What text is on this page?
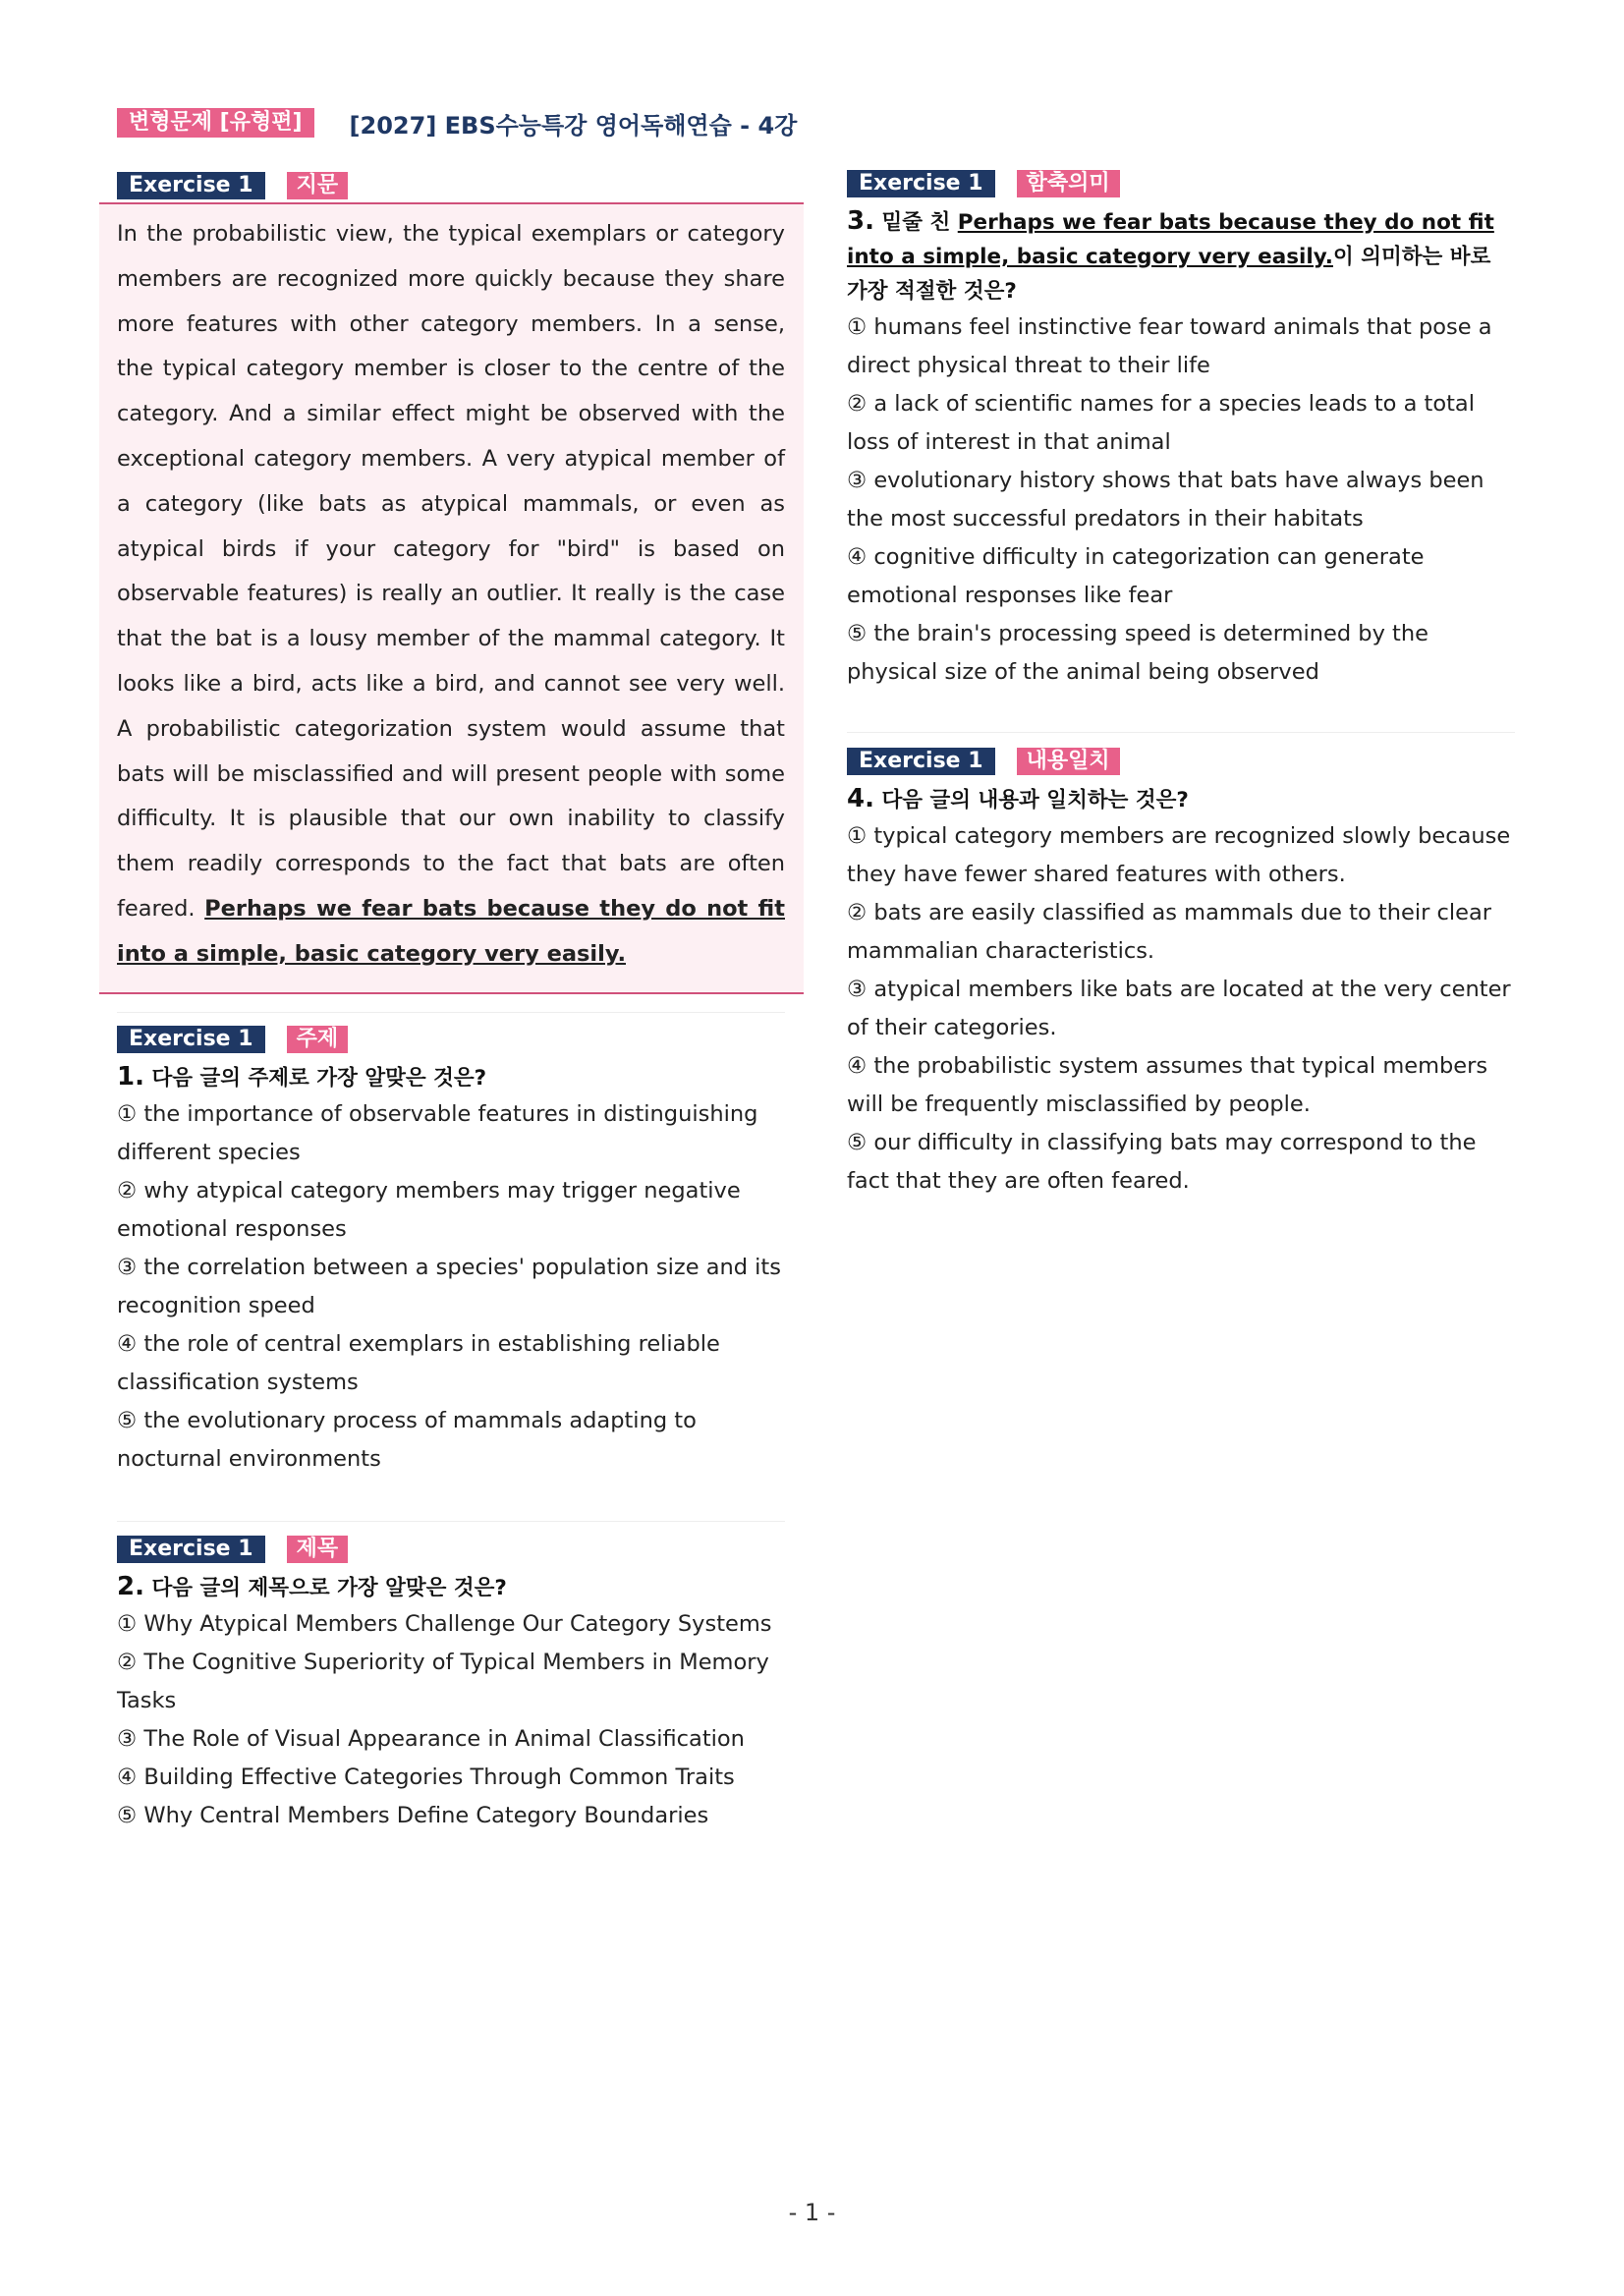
변형문제 [유형편]	[2027] EBS수능특강 영어독해연습 - 4강
Exercise 1	지문
In the probabilistic view, the typical exemplars or category members are recognized more quickly because they share more features with other category members. In a sense, the typical category member is closer to the centre of the category. And a similar effect might be observed with the exceptional category members. A very atypical member of a category (like bats as atypical mammals, or even as atypical birds if your category for "bird" is based on observable features) is really an outlier. It really is the case that the bat is a lousy member of the mammal category. It looks like a bird, acts like a bird, and cannot see very well. A probabilistic categorization system would assume that bats will be misclassified and will present people with some difficulty. It is plausible that our own inability to classify them readily corresponds to the fact that bats are often feared. Perhaps we fear bats because they do not fit into a simple, basic category very easily.
Exercise 1	주제
1. 다음 글의 주제로 가장 알맞은 것은?
① the importance of observable features in distinguishing different species
② why atypical category members may trigger negative emotional responses
③ the correlation between a species' population size and its recognition speed
④ the role of central exemplars in establishing reliable classification systems
⑤ the evolutionary process of mammals adapting to nocturnal environments
Exercise 1	제목
2. 다음 글의 제목으로 가장 알맞은 것은?
① Why Atypical Members Challenge Our Category Systems
② The Cognitive Superiority of Typical Members in Memory Tasks
③ The Role of Visual Appearance in Animal Classification
④ Building Effective Categories Through Common Traits
⑤ Why Central Members Define Category Boundaries
Exercise 1	함축의미
3. 밑줄 친 Perhaps we fear bats because they do not fit into a simple, basic category very easily.이 의미하는 바로 가장 적절한 것은?
① humans feel instinctive fear toward animals that pose a direct physical threat to their life
② a lack of scientific names for a species leads to a total loss of interest in that animal
③ evolutionary history shows that bats have always been the most successful predators in their habitats
④ cognitive difficulty in categorization can generate emotional responses like fear
⑤ the brain's processing speed is determined by the physical size of the animal being observed
Exercise 1	내용일치
4. 다음 글의 내용과 일치하는 것은?
① typical category members are recognized slowly because they have fewer shared features with others.
② bats are easily classified as mammals due to their clear mammalian characteristics.
③ atypical members like bats are located at the very center of their categories.
④ the probabilistic system assumes that typical members will be frequently misclassified by people.
⑤ our difficulty in classifying bats may correspond to the fact that they are often feared.
- 1 -
